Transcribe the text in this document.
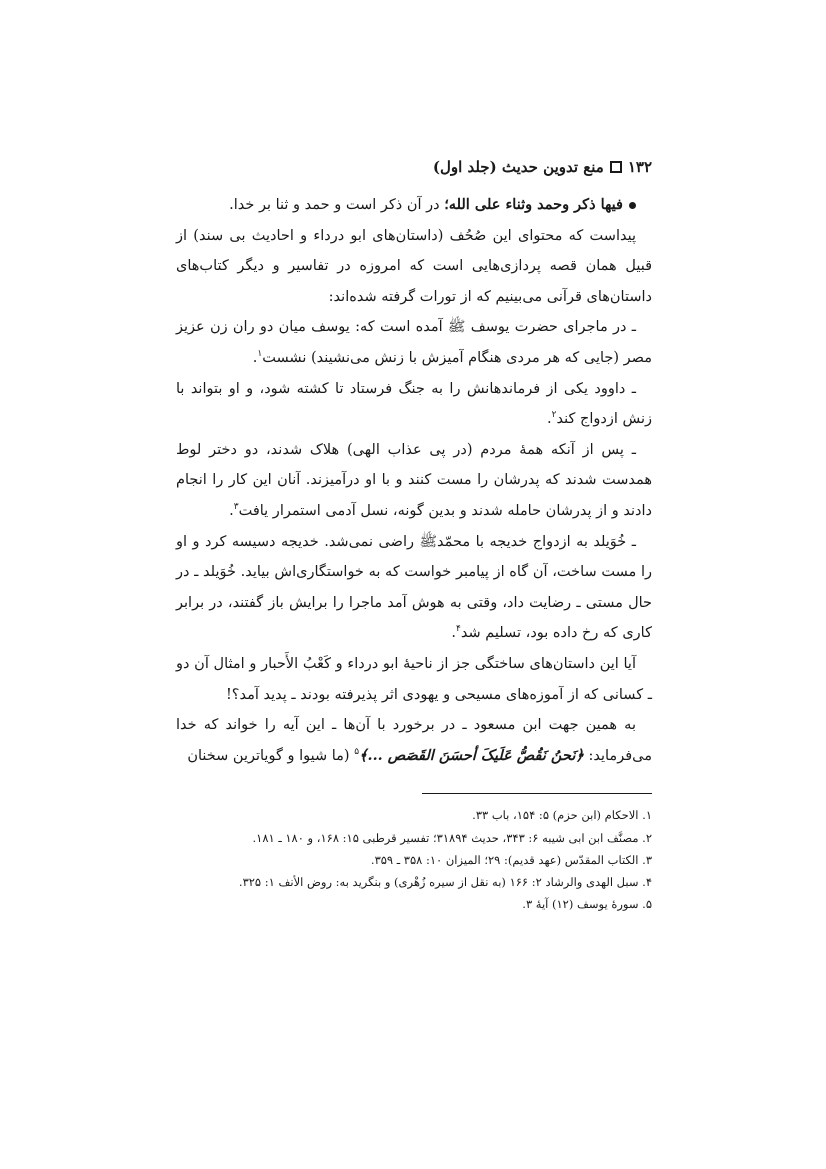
۱۳۲
منع تدوین حدیث (جلد اول)

فیها ذکر وحمد وثناء علی الله؛ در آن ذکر است و حمد و ثنا بر خدا.

پیداست که محتوای این صُحُف (داستان‌های ابو درداء و احادیث بی سند) از قبیل همان قصه پردازی‌هایی است که امروزه در تفاسیر و دیگر کتاب‌های داستان‌های قرآنی می‌بینیم که از تورات گرفته شده‌اند:

ـ در ماجرای حضرت یوسف ﷺ آمده است که: یوسف میان دو ران زن عزیز مصر (جایی که هر مردی هنگام آمیزش با زنش می‌نشیند) نشست$^۱$.

ـ داوود یکی از فرماندهانش را به جنگ فرستاد تا کشته شود، و او بتواند با زنش ازدواج کند$^۲$.

ـ پس از آنکه همهٔ مردم (در پی عذاب الهی) هلاک شدند، دو دختر لوط همدست شدند که پدرشان را مست کنند و با او درآمیزند. آنان این کار را انجام دادند و از پدرشان حامله شدند و بدین گونه، نسل آدمی استمرار یافت$^۳$.

ـ خُوَیلد به ازدواج خدیجه با محمّدﷺ راضی نمی‌شد. خدیجه دسیسه کرد و او را مست ساخت، آن گاه از پیامبر خواست که به خواستگاری‌اش بیاید. خُوَیلد ـ در حال مستی ـ رضایت داد، وقتی به هوش آمد ماجرا را برایش باز گفتند، در برابر کاری که رخ داده بود، تسلیم شد$^۴$.

آیا این داستان‌های ساختگی جز از ناحیهٔ ابو درداء و کَعْبُ الأَحبار و امثال آن دو ـ کسانی که از آموزه‌های مسیحی و یهودی اثر پذیرفته بودند ـ پدید آمد؟!

به همین جهت ابن مسعود ـ در برخورد با آن‌ها ـ این آیه را خواند که خدا می‌فرماید: ﴿نَحنُ نَقُصُّ عَلَیکَ أحسَنَ القَصَص ...﴾$^۵$ (ما شیوا و گویاترین سخنان

۱. الاحکام (ابن حزم) ۵: ۱۵۴، باب ۳۳.
۲. مصنَّف ابن ابی شیبه ۶: ۳۴۳، حدیث ۳۱۸۹۴؛ تفسیر قرطبی ۱۵: ۱۶۸، و ۱۸۰ ـ ۱۸۱.
۳. الکتاب المقدّس (عهد قدیم): ۲۹؛ المیزان ۱۰: ۳۵۸ ـ ۳۵۹.
۴. سبل الهدی والرشاد ۲: ۱۶۶ (به نقل از سیره زُهْری) و بنگرید به: روض الأنف ۱: ۳۲۵.
۵. سورهٔ یوسف (۱۲) آیهٔ ۳.
